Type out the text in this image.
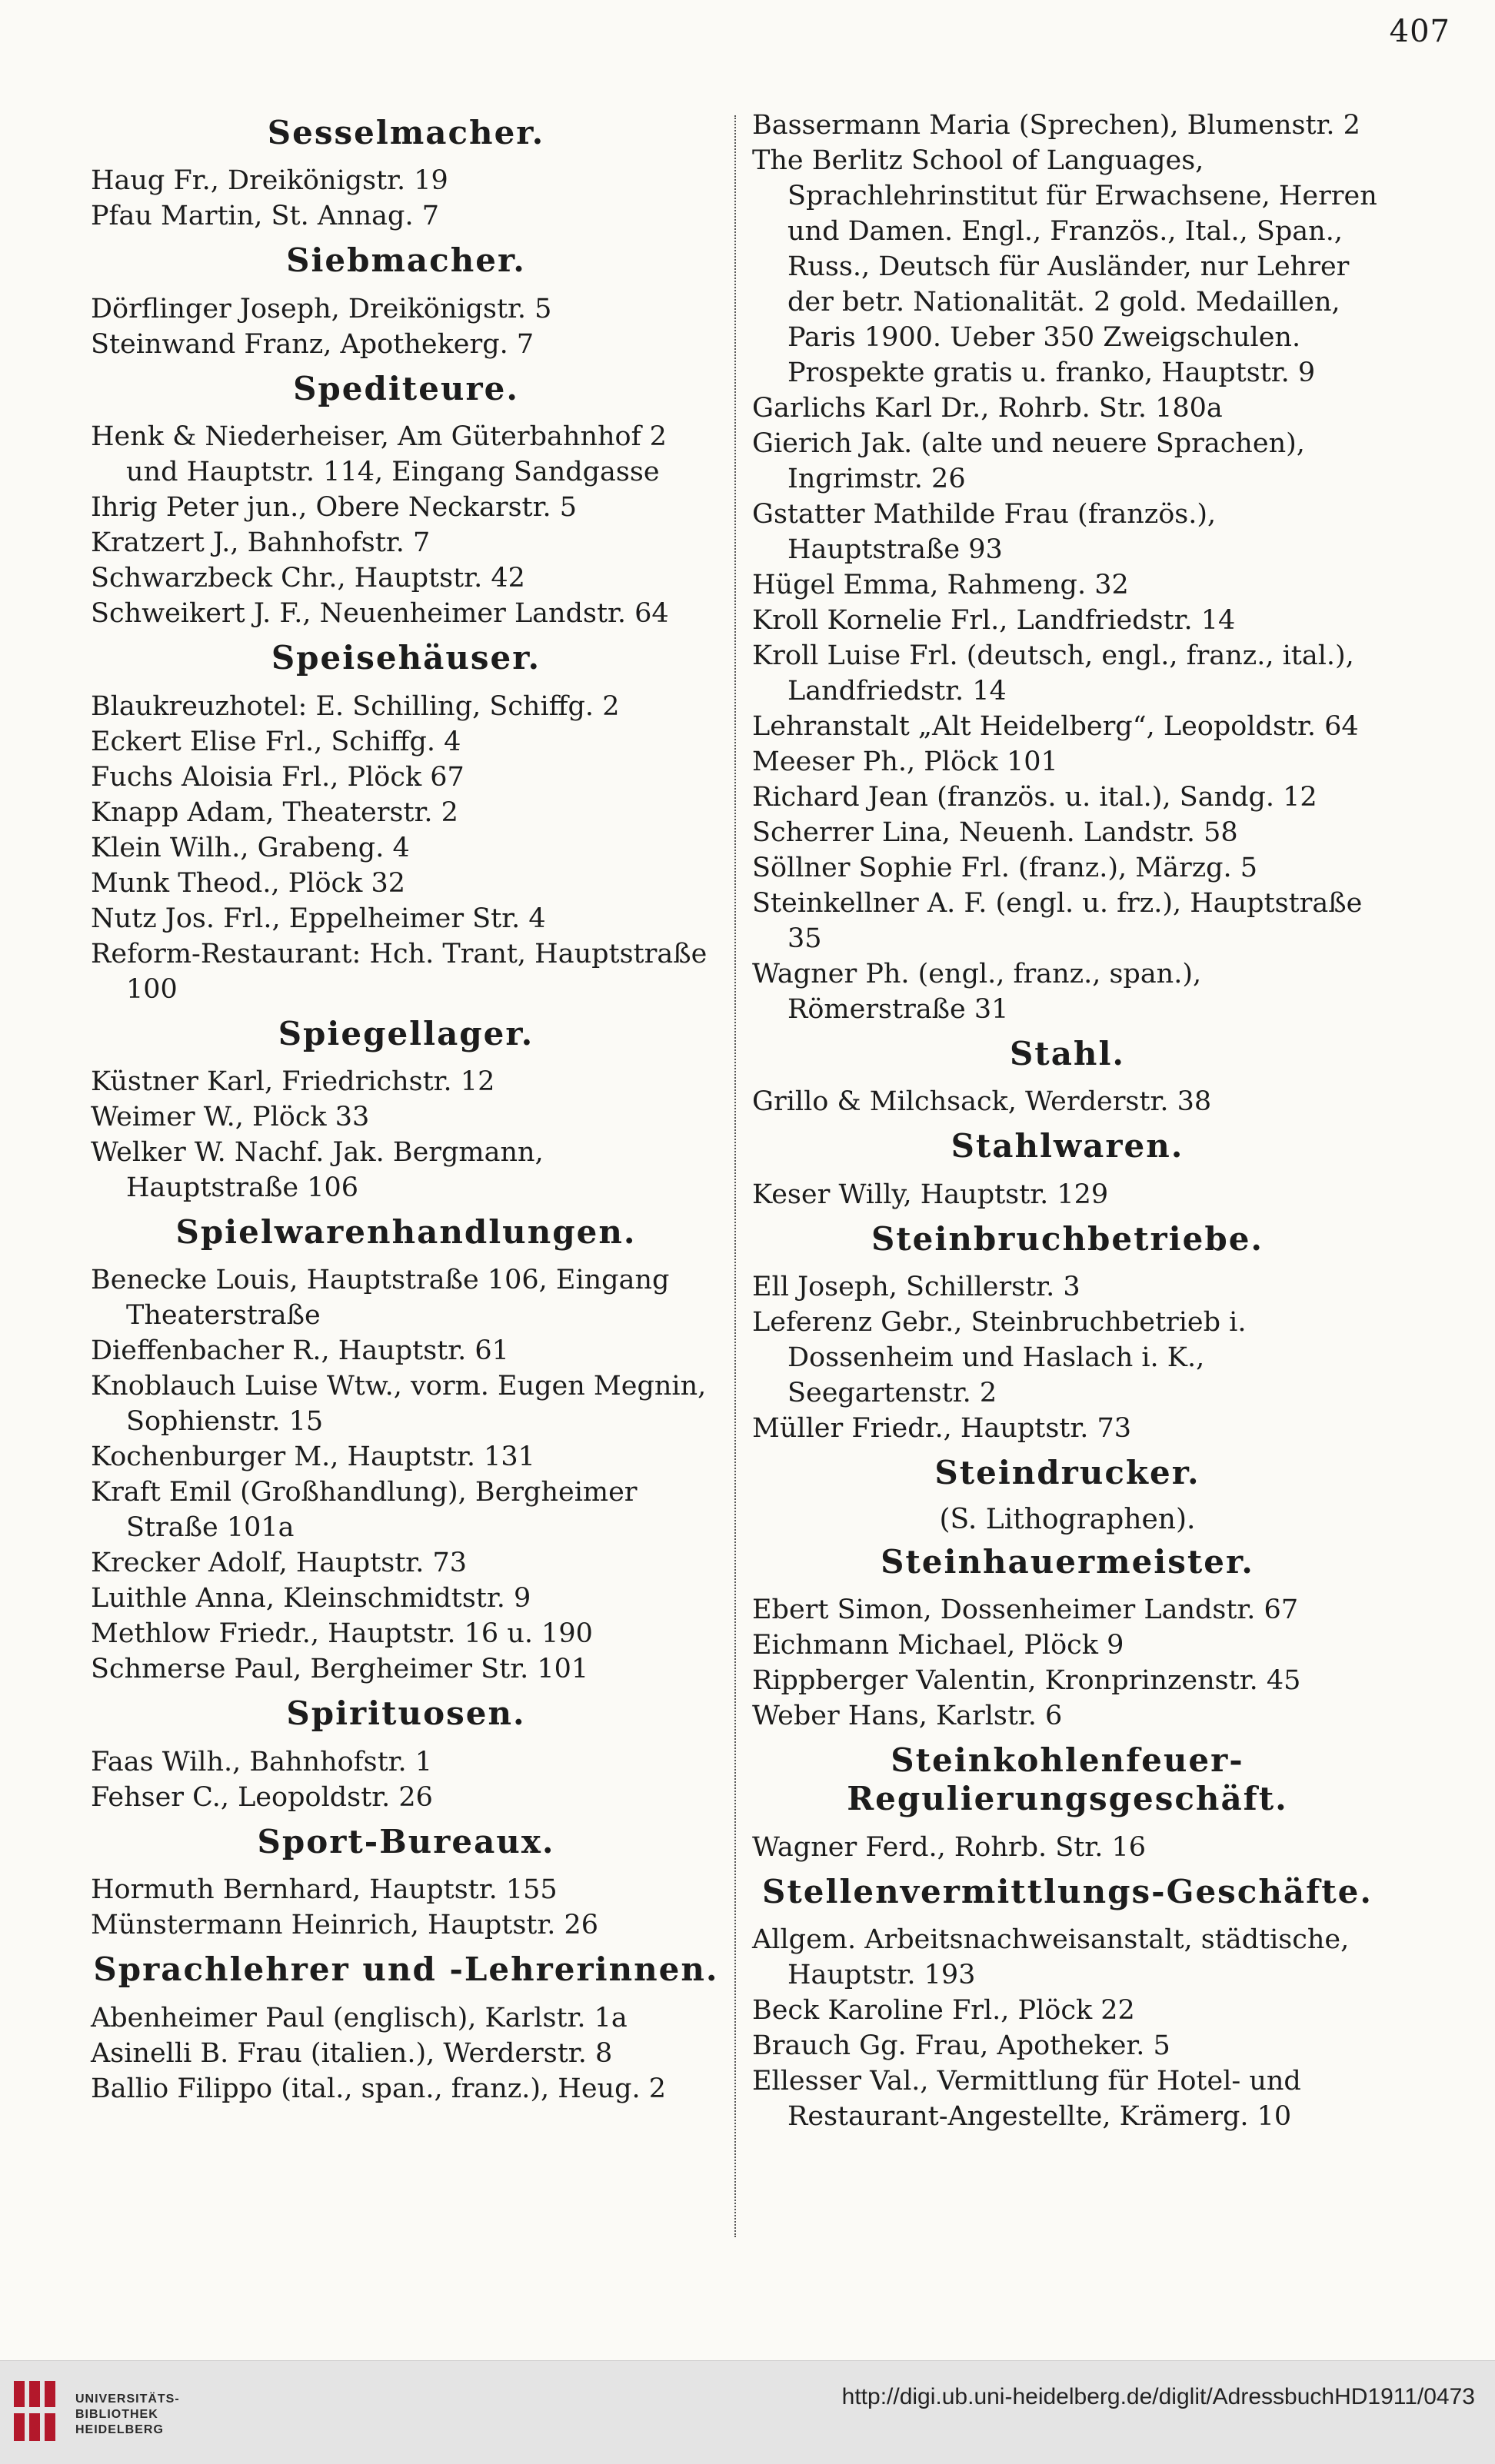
407
Sesselmacher.
Haug Fr., Dreikönigstr. 19
Pfau Martin, St. Annag. 7
Siebmacher.
Dörflinger Joseph, Dreikönigstr. 5
Steinwand Franz, Apothekerg. 7
Spediteure.
Henk & Niederheiser, Am Güterbahnhof 2 und Hauptstr. 114, Eingang Sandgasse
Ihrig Peter jun., Obere Neckarstr. 5
Kratzert J., Bahnhofstr. 7
Schwarzbeck Chr., Hauptstr. 42
Schweikert J. F., Neuenheimer Landstr. 64
Speisehäuser.
Blaukreuzhotel: E. Schilling, Schiffg. 2
Eckert Elise Frl., Schiffg. 4
Fuchs Aloisia Frl., Plöck 67
Knapp Adam, Theaterstr. 2
Klein Wilh., Grabeng. 4
Munk Theod., Plöck 32
Nutz Jos. Frl., Eppelheimer Str. 4
Reform-Restaurant: Hch. Trant, Hauptstraße 100
Spiegellager.
Küstner Karl, Friedrichstr. 12
Weimer W., Plöck 33
Welker W. Nachf. Jak. Bergmann, Hauptstraße 106
Spielwarenhandlungen.
Benecke Louis, Hauptstraße 106, Eingang Theaterstraße
Dieffenbacher R., Hauptstr. 61
Knoblauch Luise Wtw., vorm. Eugen Megnin, Sophienstr. 15
Kochenburger M., Hauptstr. 131
Kraft Emil (Großhandlung), Bergheimer Straße 101a
Krecker Adolf, Hauptstr. 73
Luithle Anna, Kleinschmidtstr. 9
Methlow Friedr., Hauptstr. 16 u. 190
Schmerse Paul, Bergheimer Str. 101
Spirituosen.
Faas Wilh., Bahnhofstr. 1
Fehser C., Leopoldstr. 26
Sport-Bureaux.
Hormuth Bernhard, Hauptstr. 155
Münstermann Heinrich, Hauptstr. 26
Sprachlehrer und -Lehrerinnen.
Abenheimer Paul (englisch), Karlstr. 1a
Asinelli B. Frau (italien.), Werderstr. 8
Ballio Filippo (ital., span., franz.), Heug. 2
Bassermann Maria (Sprechen), Blumenstr. 2
The Berlitz School of Languages, Sprachlehrinstitut für Erwachsene, Herren und Damen. Engl., Französ., Ital., Span., Russ., Deutsch für Ausländer, nur Lehrer der betr. Nationalität. 2 gold. Medaillen, Paris 1900. Ueber 350 Zweigschulen. Prospekte gratis u. franko, Hauptstr. 9
Garlichs Karl Dr., Rohrb. Str. 180a
Gierich Jak. (alte und neuere Sprachen), Ingrimstr. 26
Gstatter Mathilde Frau (französ.), Hauptstraße 93
Hügel Emma, Rahmeng. 32
Kroll Kornelie Frl., Landfriedstr. 14
Kroll Luise Frl. (deutsch, engl., franz., ital.), Landfriedstr. 14
Lehranstalt „Alt Heidelberg“, Leopoldstr. 64
Meeser Ph., Plöck 101
Richard Jean (französ. u. ital.), Sandg. 12
Scherrer Lina, Neuenh. Landstr. 58
Söllner Sophie Frl. (franz.), Märzg. 5
Steinkellner A. F. (engl. u. frz.), Hauptstraße 35
Wagner Ph. (engl., franz., span.), Römerstraße 31
Stahl.
Grillo & Milchsack, Werderstr. 38
Stahlwaren.
Keser Willy, Hauptstr. 129
Steinbruchbetriebe.
Ell Joseph, Schillerstr. 3
Leferenz Gebr., Steinbruchbetrieb i. Dossenheim und Haslach i. K., Seegartenstr. 2
Müller Friedr., Hauptstr. 73
Steindrucker.
(S. Lithographen).
Steinhauermeister.
Ebert Simon, Dossenheimer Landstr. 67
Eichmann Michael, Plöck 9
Rippberger Valentin, Kronprinzenstr. 45
Weber Hans, Karlstr. 6
Steinkohlenfeuer-Regulierungsgeschäft.
Wagner Ferd., Rohrb. Str. 16
Stellenvermittlungs-Geschäfte.
Allgem. Arbeitsnachweisanstalt, städtische, Hauptstr. 193
Beck Karoline Frl., Plöck 22
Brauch Gg. Frau, Apotheker. 5
Ellesser Val., Vermittlung für Hotel- und Restaurant-Angestellte, Krämerg. 10
UNIVERSITÄTS-
BIBLIOTHEK
HEIDELBERG
http://digi.ub.uni-heidelberg.de/diglit/AdressbuchHD1911/0473
